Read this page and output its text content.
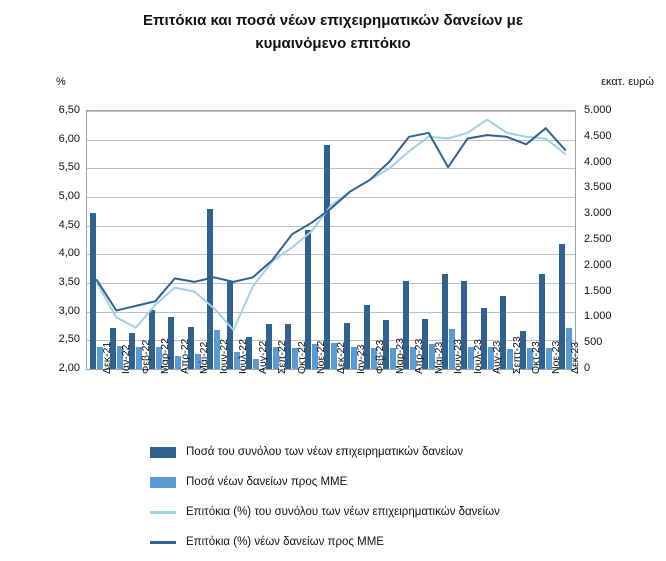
Επιτόκια και ποσά νέων επιχειρηματικών δανείων με
κυμαινόμενο επιτόκιο
%	εκατ. ευρώ
6,50
6,00
5,50
5,00
4,50
4,00
3,50
3,00
2,50
2,00
5.000
4.500
4.000
3.500
3.000
2.500
2.000
1.500
1.000
500
0
Δεκ-21 Ιαν-22 Φεβ-22 Μαρ-22 Απρ-22 Μάι-22 Ιουν-22 Ιουλ-22 Αυγ-22 Σεπ-22 Οκτ-22 Νοε-22 Δεκ-22 Ιαν-23 Φεβ-23 Μαρ-23 Απρ-23 Μάι-23 Ιουν-23 Ιουλ-23 Αυγ-23 Σεπτ-23 Οκτ-23 Νοε-23 Δεκ-23
Ποσά του συνόλου των νέων επιχειρηματικών δανείων
Ποσά νέων δανείων προς ΜΜΕ
Επιτόκια (%) του συνόλου των νέων επιχειρηματικών δανείων
Επιτόκια (%) νέων δανείων προς ΜΜΕ
